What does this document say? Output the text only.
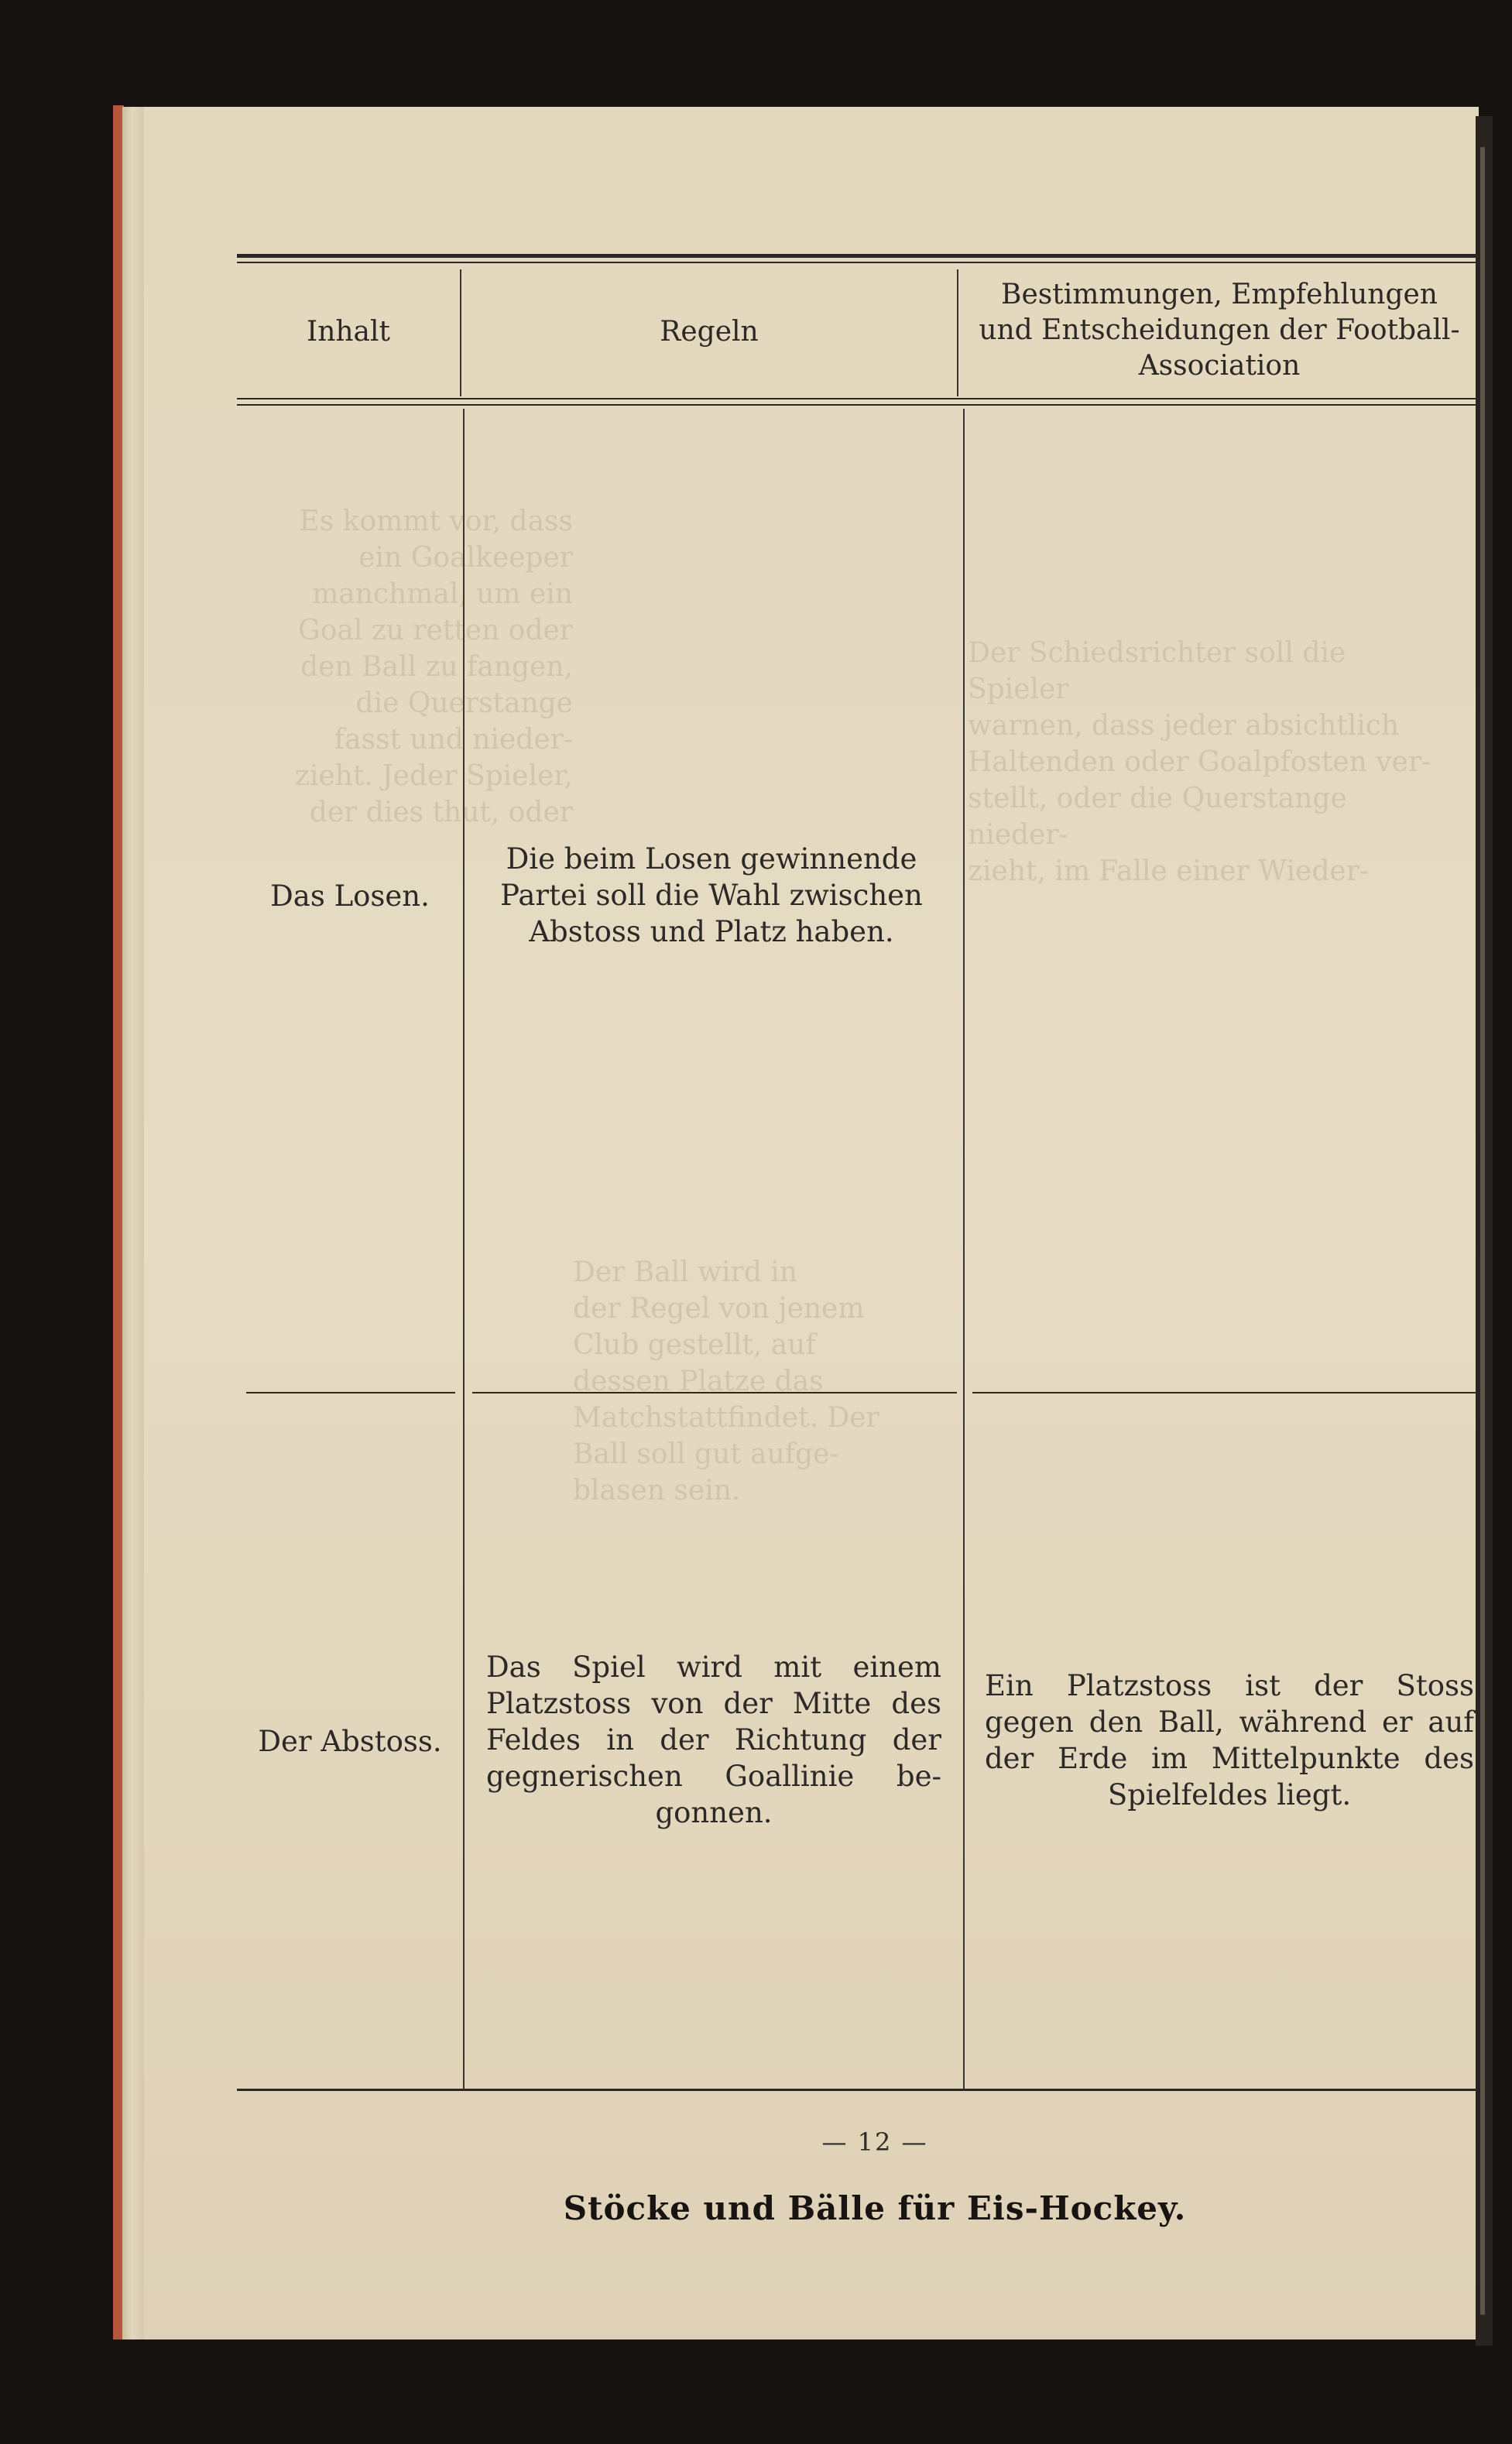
Inhalt	Regeln
Bestimmungen, Empfehlungen
und Entscheidungen der Football-
Association
Das Losen.
Die beim Losen gewinnende
Partei soll die Wahl zwischen
Abstoss und Platz haben.
Der Abstoss.
Das Spiel wird mit einem
Platzstoss von der Mitte des
Feldes in der Richtung der
gegnerischen Goallinie be-
gonnen.
Ein Platzstoss ist der Stoss
gegen den Ball, während er auf
der Erde im Mittelpunkte des
Spielfeldes liegt.
— 12 —
Stöcke und Bälle für Eis-Hockey.
